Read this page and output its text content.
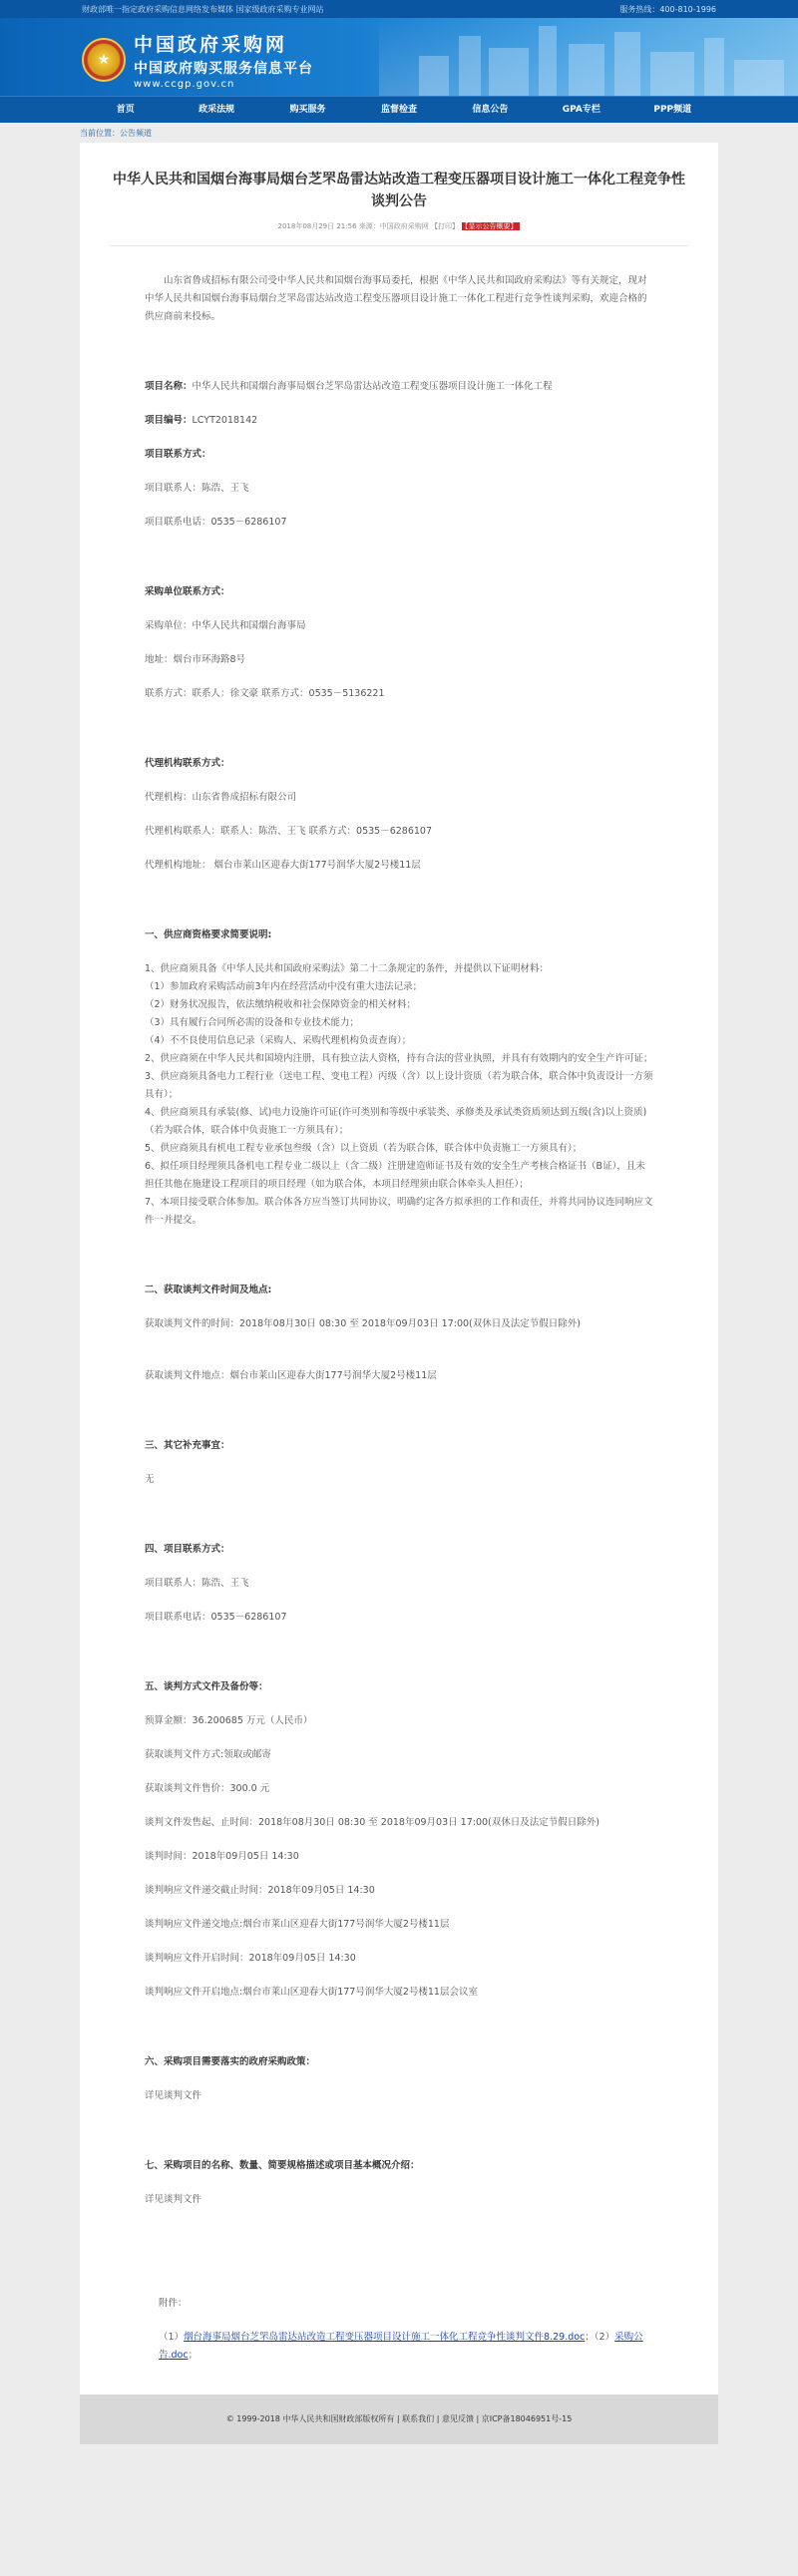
财政部唯一指定政府采购信息网络发布媒体 国家级政府采购专业网站	服务热线：400-810-1996
★
中国政府采购网
中国政府购买服务信息平台
www.ccgp.gov.cn
首页	政采法规	购买服务	监督检查	信息公告	GPA专栏	PPP频道
当前位置：公告频道
中华人民共和国烟台海事局烟台芝罘岛雷达站改造工程变压器项目设计施工一体化工程竞争性谈判公告
2018年08月29日 21:56 来源：中国政府采购网 【打印】 【显示公告概要】

山东省鲁成招标有限公司受中华人民共和国烟台海事局委托，根据《中华人民共和国政府采购法》等有关规定，现对中华人民共和国烟台海事局烟台芝罘岛雷达站改造工程变压器项目设计施工一体化工程进行竞争性谈判采购，欢迎合格的供应商前来投标。

项目名称：中华人民共和国烟台海事局烟台芝罘岛雷达站改造工程变压器项目设计施工一体化工程

项目编号：LCYT2018142

项目联系方式：

项目联系人：陈浩、王飞

项目联系电话：0535－6286107

采购单位联系方式：

采购单位：中华人民共和国烟台海事局

地址：烟台市环海路8号

联系方式：联系人：徐文豪 联系方式：0535－5136221

代理机构联系方式：

代理机构：山东省鲁成招标有限公司

代理机构联系人：联系人：陈浩、王飞 联系方式：0535－6286107

代理机构地址： 烟台市莱山区迎春大街177号润华大厦2号楼11层

一、供应商资格要求简要说明:

1、供应商须具备《中华人民共和国政府采购法》第二十二条规定的条件，并提供以下证明材料：

（1）参加政府采购活动前3年内在经营活动中没有重大违法记录；

（2）财务状况报告，依法缴纳税收和社会保障资金的相关材料；

（3）具有履行合同所必需的设备和专业技术能力；

（4）不不良使用信息记录（采购人、采购代理机构负责查询）；

2、供应商须在中华人民共和国境内注册，具有独立法人资格，持有合法的营业执照，并具有有效期内的安全生产许可证；

3、供应商须具备电力工程行业（送电工程、变电工程）丙级（含）以上设计资质（若为联合体，联合体中负责设计一方须具有）；

4、供应商须具有承装(修、试)电力设施许可证(许可类别和等级中承装类、承修类及承试类资质须达到五级(含)以上资质)（若为联合体，联合体中负责施工一方须具有）；

5、供应商须具有机电工程专业承包叁级（含）以上资质（若为联合体，联合体中负责施工一方须具有）；

6、拟任项目经理须具备机电工程专业二级以上（含二级）注册建造师证书及有效的安全生产考核合格证书（B证），且未担任其他在施建设工程项目的项目经理（如为联合体，本项目经理须由联合体牵头人担任）；

7、本项目接受联合体参加。联合体各方应当签订共同协议，明确约定各方拟承担的工作和责任，并将共同协议连同响应文件一并提交。

二、获取谈判文件时间及地点:

获取谈判文件的时间：2018年08月30日 08:30 至 2018年09月03日 17:00(双休日及法定节假日除外)

获取谈判文件地点：烟台市莱山区迎春大街177号润华大厦2号楼11层

三、其它补充事宜：

无

四、项目联系方式：

项目联系人：陈浩、王飞

项目联系电话：0535－6286107

五、谈判方式文件及备份等：

预算金额：36.200685 万元（人民币）

获取谈判文件方式:领取或邮寄

获取谈判文件售价：300.0 元

谈判文件发售起、止时间：2018年08月30日 08:30 至 2018年09月03日 17:00(双休日及法定节假日除外)

谈判时间：2018年09月05日 14:30

谈判响应文件递交截止时间：2018年09月05日 14:30

谈判响应文件递交地点:烟台市莱山区迎春大街177号润华大厦2号楼11层

谈判响应文件开启时间：2018年09月05日 14:30

谈判响应文件开启地点:烟台市莱山区迎春大街177号润华大厦2号楼11层会议室

六、采购项目需要落实的政府采购政策：

详见谈判文件

七、采购项目的名称、数量、简要规格描述或项目基本概况介绍：

详见谈判文件

附件：

（1）烟台海事局烟台芝罘岛雷达站改造工程变压器项目设计施工一体化工程竞争性谈判文件8.29.doc；（2）采购公告.doc；

© 1999-2018 中华人民共和国财政部版权所有 | 联系我们 | 意见反馈 | 京ICP备18046951号-15
